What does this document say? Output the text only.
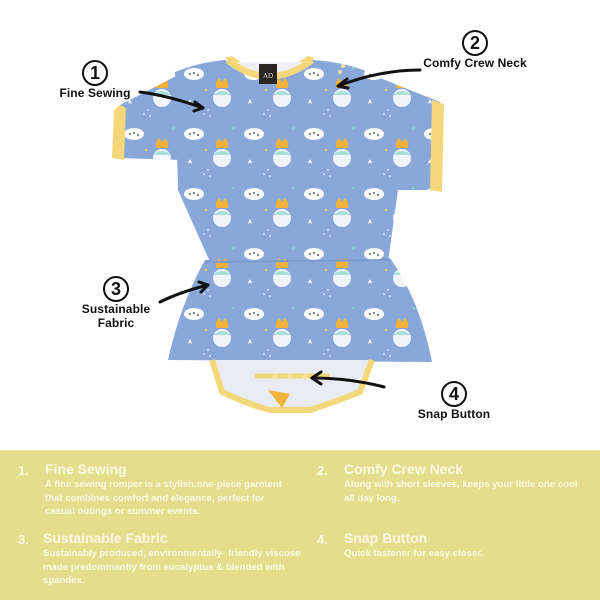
AD
1
Fine Sewing
2
Comfy Crew Neck
3
Sustainable
Fabric
4
Snap Button
1. Fine Sewing
A fine sewing romper is a stylish,one-piece garment that combines comfort and elegance, perfect for casual outings or summer events.
2. Comfy Crew Neck
Along with short sleeves, keeps your little one cool all day long.
3. Sustainable Fabric
Sustainably produced, environmentally- friendly viscose made predominantly from eucalyptus & blended with spandex.
4. Snap Button
Quick fastener for easy closer.
